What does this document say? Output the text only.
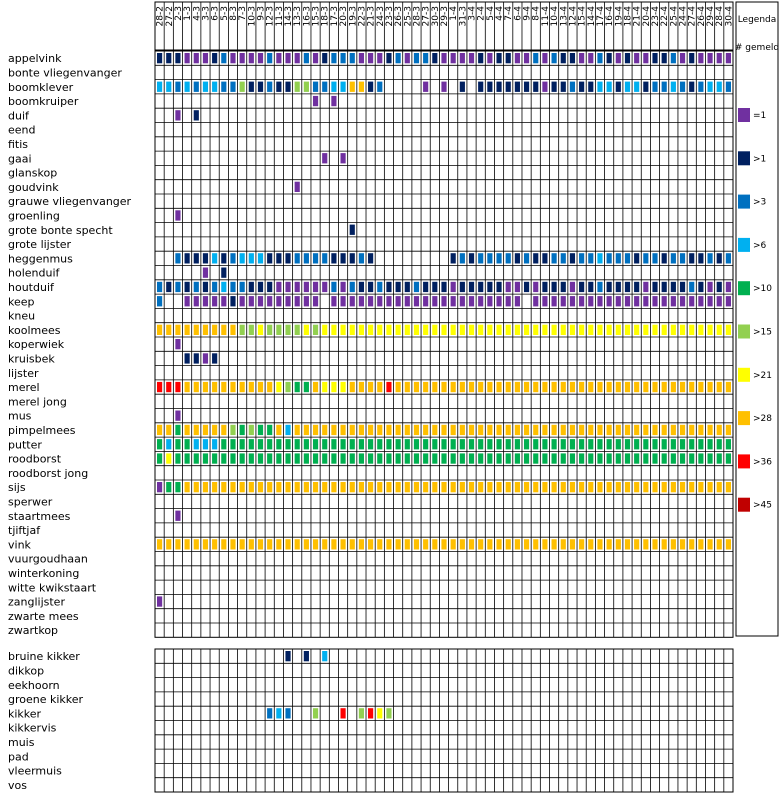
appelvink
bonte vliegenvanger
boomklever
boomkruiper
duif
eend
fitis
gaai
glanskop
goudvink
grauwe vliegenvanger
groenling
grote bonte specht
grote lijster
heggenmus
holenduif
houtduif
keep
kneu
koolmees
koperwiek
kruisbek
lijster
merel
merel jong
mus
pimpelmees
putter
roodborst
roodborst jong
sijs
sperwer
staartmees
tjiftjaf
vink
vuurgoudhaan
winterkoning
witte kwikstaart
zanglijster
zwarte mees
zwartkop
bruine kikker
dikkop
eekhoorn
groene kikker
kikker
kikkervis
muis
pad
vleermuis
vos
28-2 27-2 2-3 1-3 4-3 3-3 6-3 5-3 8-3 7-3 10-3 9-3 12-3 11-3 14-3 13-3 16-3 15-3 18-3 17-3 20-3 19-3 22-3 21-3 24-3 23-3 26-3 25-3 28-3 27-3 30-3 29-3 1-4 31-3 3-4 2-4 5-4 4-4 7-4 6-4 9-4 8-4 11-4 10-4 13-4 12-4 15-4 14-4 17-4 16-4 19-4 18-4 21-4 20-4 23-4 22-4 25-4 24-4 27-4 26-4 29-4 28-4 30-4 Legenda
# gemeld
=1
>1
>3
>6
>10
>15
>21
>28
>36
>45
